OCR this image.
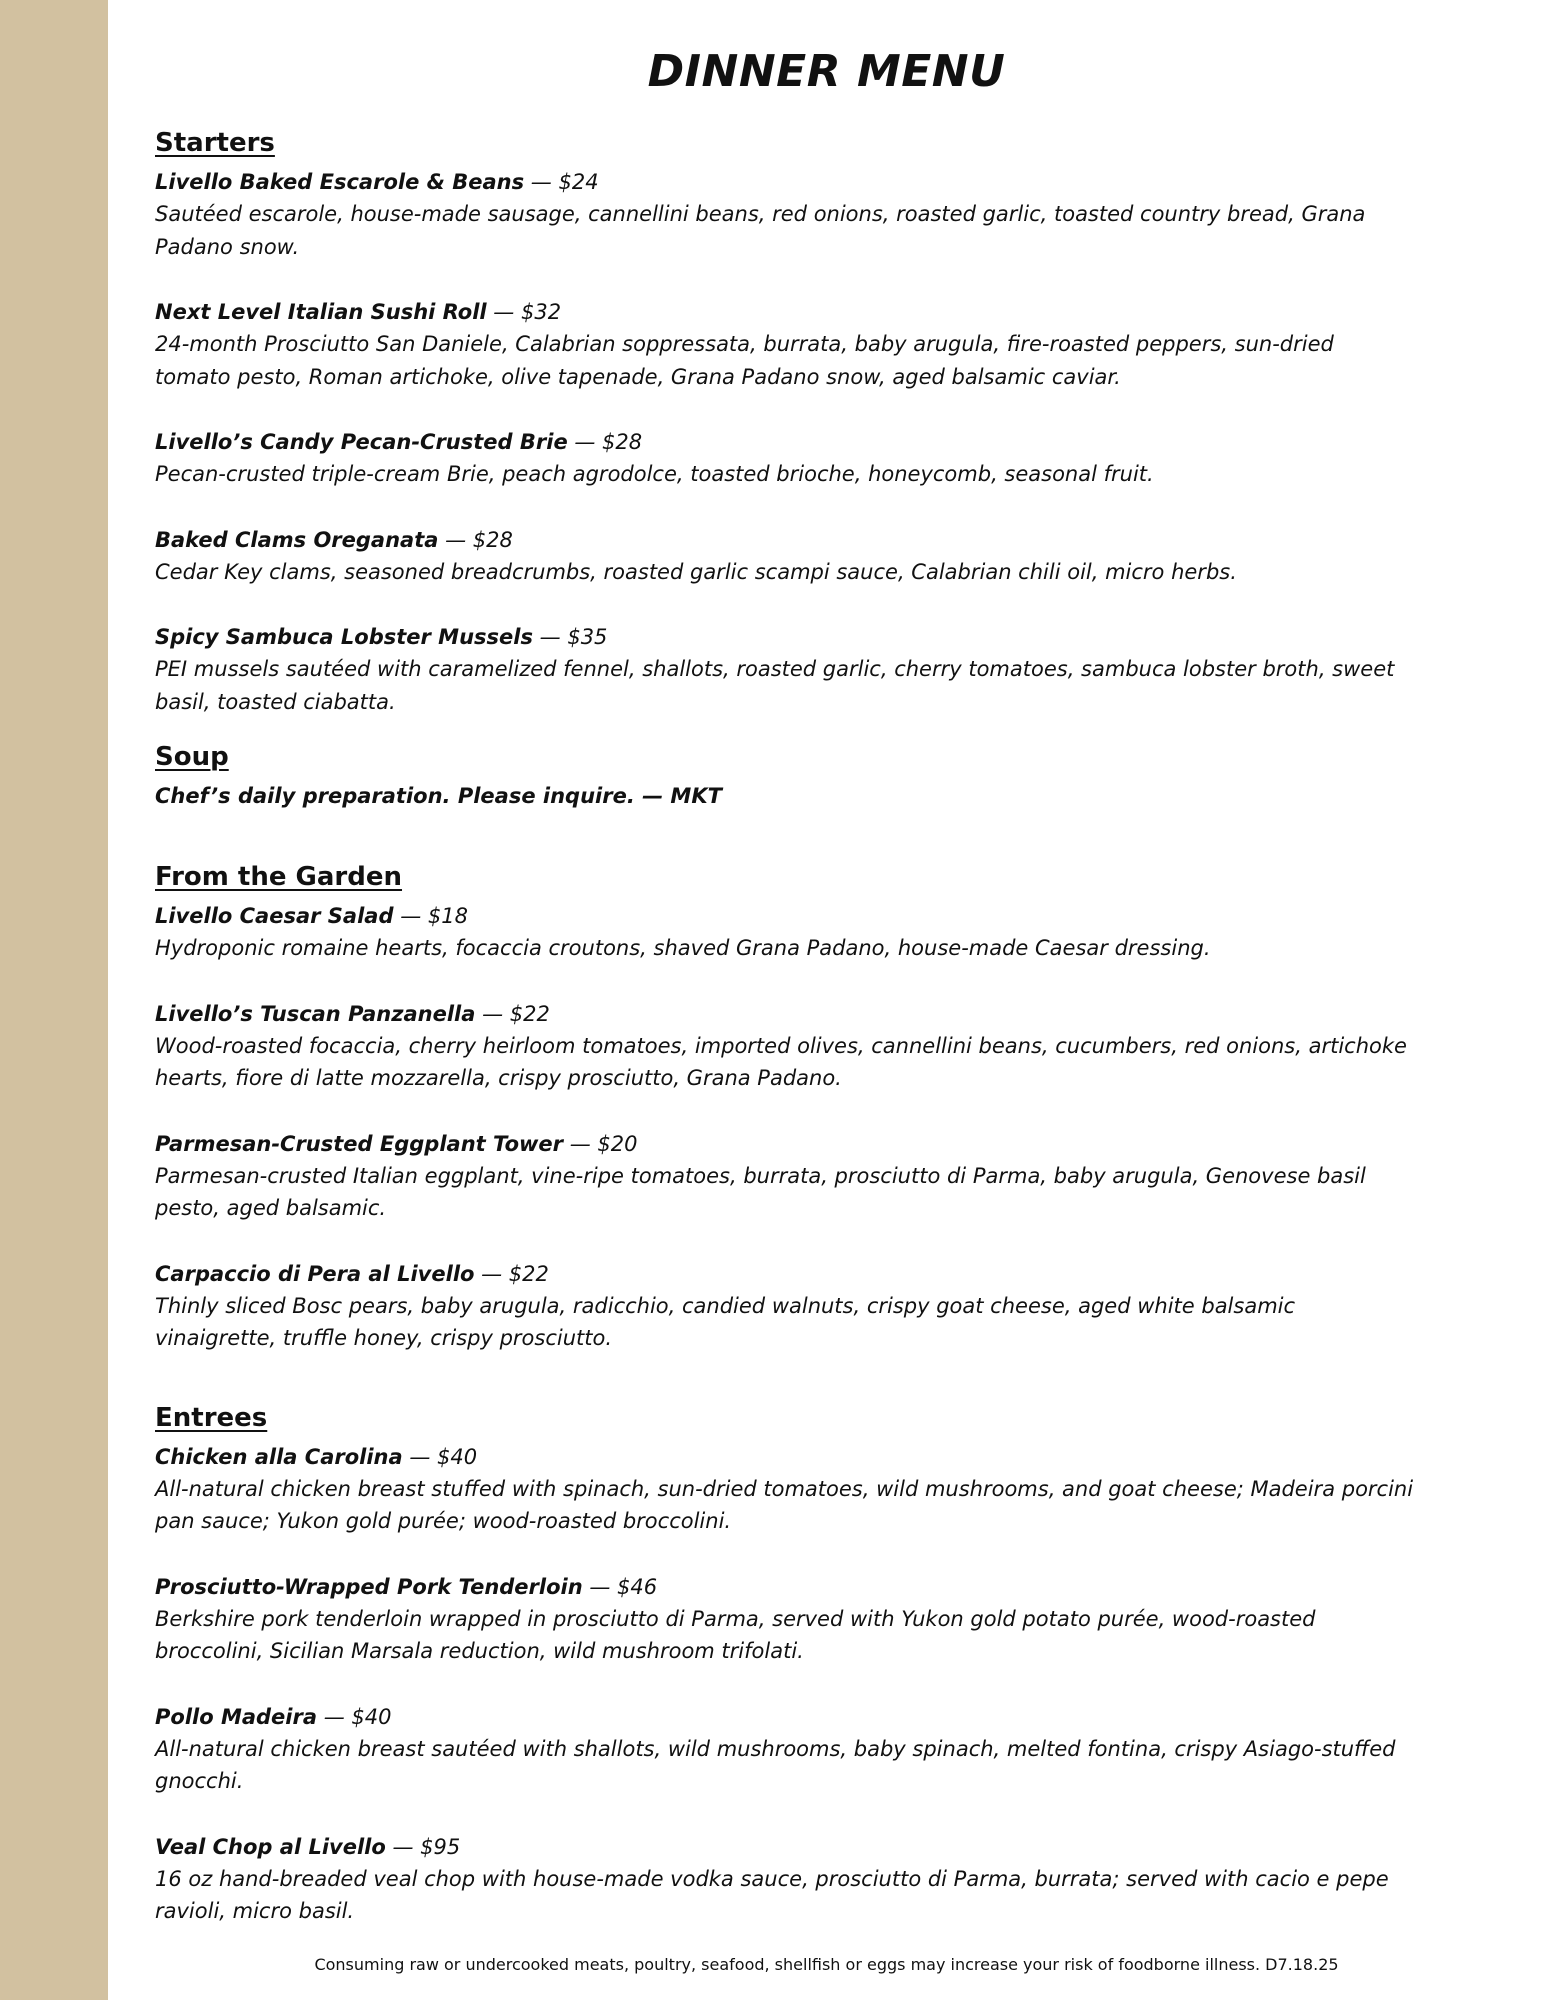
DINNER MENU
Starters

Livello Baked Escarole & Beans — $24

Sautéed escarole, house-made sausage, cannellini beans, red onions, roasted garlic, toasted country bread, Grana Padano snow.

Next Level Italian Sushi Roll — $32

24-month Prosciutto San Daniele, Calabrian soppressata, burrata, baby arugula, fire-roasted peppers, sun-dried tomato pesto, Roman artichoke, olive tapenade, Grana Padano snow, aged balsamic caviar.

Livello’s Candy Pecan-Crusted Brie — $28

Pecan-crusted triple-cream Brie, peach agrodolce, toasted brioche, honeycomb, seasonal fruit.

Baked Clams Oreganata — $28

Cedar Key clams, seasoned breadcrumbs, roasted garlic scampi sauce, Calabrian chili oil, micro herbs.

Spicy Sambuca Lobster Mussels — $35

PEI mussels sautéed with caramelized fennel, shallots, roasted garlic, cherry tomatoes, sambuca lobster broth, sweet basil, toasted ciabatta.

Soup

Chef’s daily preparation. Please inquire. — MKT

From the Garden

Livello Caesar Salad — $18

Hydroponic romaine hearts, focaccia croutons, shaved Grana Padano, house-made Caesar dressing.

Livello’s Tuscan Panzanella — $22

Wood-roasted focaccia, cherry heirloom tomatoes, imported olives, cannellini beans, cucumbers, red onions, artichoke hearts, fiore di latte mozzarella, crispy prosciutto, Grana Padano.

Parmesan-Crusted Eggplant Tower — $20

Parmesan-crusted Italian eggplant, vine-ripe tomatoes, burrata, prosciutto di Parma, baby arugula, Genovese basil pesto, aged balsamic.

Carpaccio di Pera al Livello — $22

Thinly sliced Bosc pears, baby arugula, radicchio, candied walnuts, crispy goat cheese, aged white balsamic vinaigrette, truffle honey, crispy prosciutto.

Entrees

Chicken alla Carolina — $40

All-natural chicken breast stuffed with spinach, sun-dried tomatoes, wild mushrooms, and goat cheese; Madeira porcini pan sauce; Yukon gold purée; wood-roasted broccolini.

Prosciutto-Wrapped Pork Tenderloin — $46

Berkshire pork tenderloin wrapped in prosciutto di Parma, served with Yukon gold potato purée, wood-roasted broccolini, Sicilian Marsala reduction, wild mushroom trifolati.

Pollo Madeira — $40

All-natural chicken breast sautéed with shallots, wild mushrooms, baby spinach, melted fontina, crispy Asiago-stuffed gnocchi.

Veal Chop al Livello — $95

16 oz hand-breaded veal chop with house-made vodka sauce, prosciutto di Parma, burrata; served with cacio e pepe ravioli, micro basil.

Consuming raw or undercooked meats, poultry, seafood, shellfish or eggs may increase your risk of foodborne illness. D7.18.25
